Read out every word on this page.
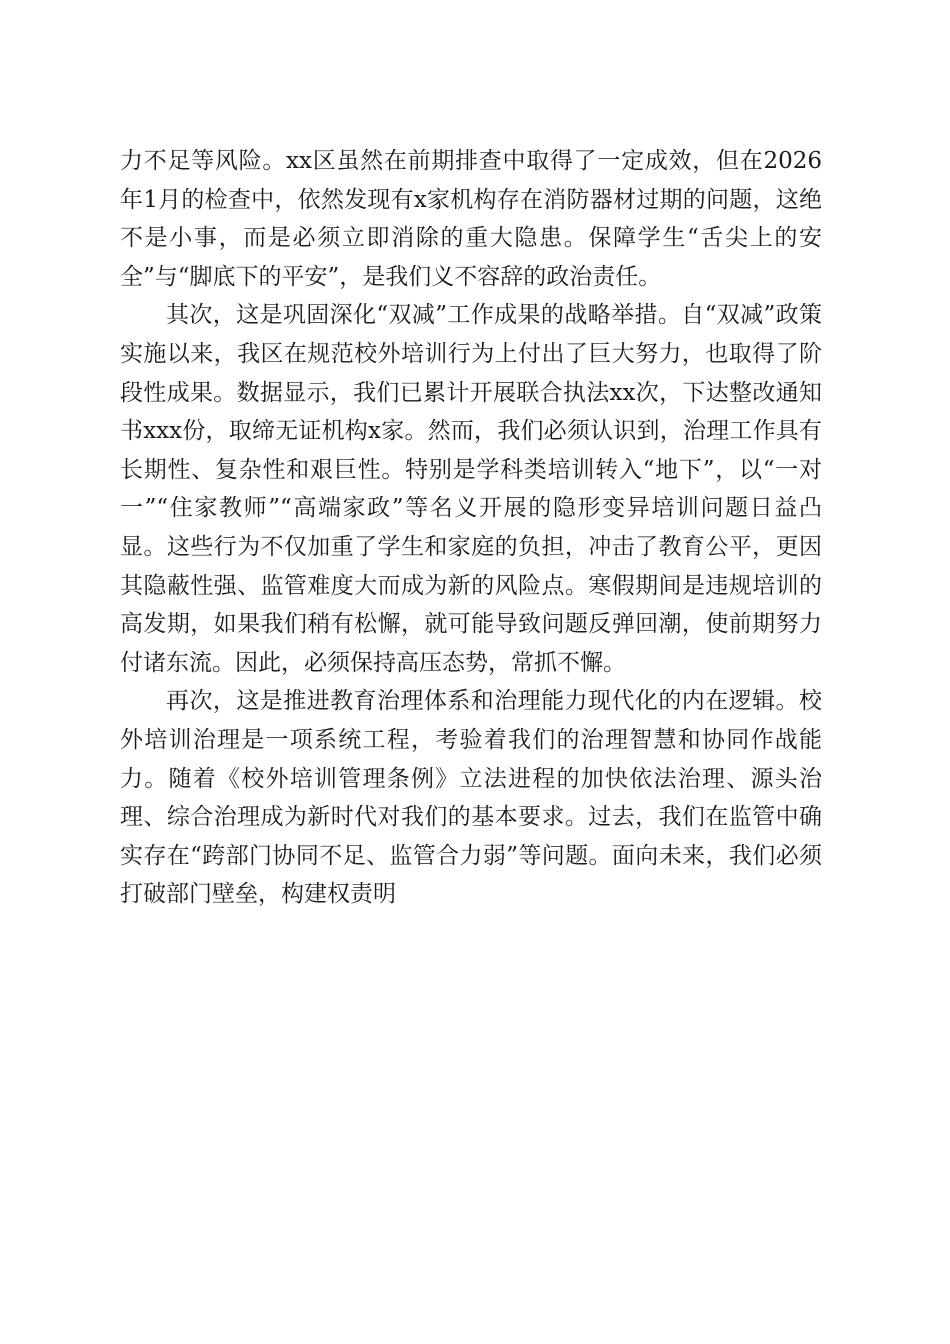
力不足等风险。xx区虽然在前期排查中取得了一定成效，但在2026年1月的检查中，依然发现有x家机构存在消防器材过期的问题，这绝不是小事，而是必须立即消除的重大隐患。保障学生“舌尖上的安全”与“脚底下的平安”，是我们义不容辞的政治责任。

其次，这是巩固深化“双减”工作成果的战略举措。自“双减”政策实施以来，我区在规范校外培训行为上付出了巨大努力，也取得了阶段性成果。数据显示，我们已累计开展联合执法xx次，下达整改通知书xxx份，取缔无证机构x家。然而，我们必须认识到，治理工作具有长期性、复杂性和艰巨性。特别是学科类培训转入“地下”，以“一对一”“住家教师”“高端家政”等名义开展的隐形变异培训问题日益凸显。这些行为不仅加重了学生和家庭的负担，冲击了教育公平，更因其隐蔽性强、监管难度大而成为新的风险点。寒假期间是违规培训的高发期，如果我们稍有松懈，就可能导致问题反弹回潮，使前期努力付诸东流。因此，必须保持高压态势，常抓不懈。

再次，这是推进教育治理体系和治理能力现代化的内在逻辑。校外培训治理是一项系统工程，考验着我们的治理智慧和协同作战能力。随着《校外培训管理条例》立法进程的加快依法治理、源头治理、综合治理成为新时代对我们的基本要求。过去，我们在监管中确实存在“跨部门协同不足、监管合力弱”等问题。面向未来，我们必须打破部门壁垒，构建权责明
